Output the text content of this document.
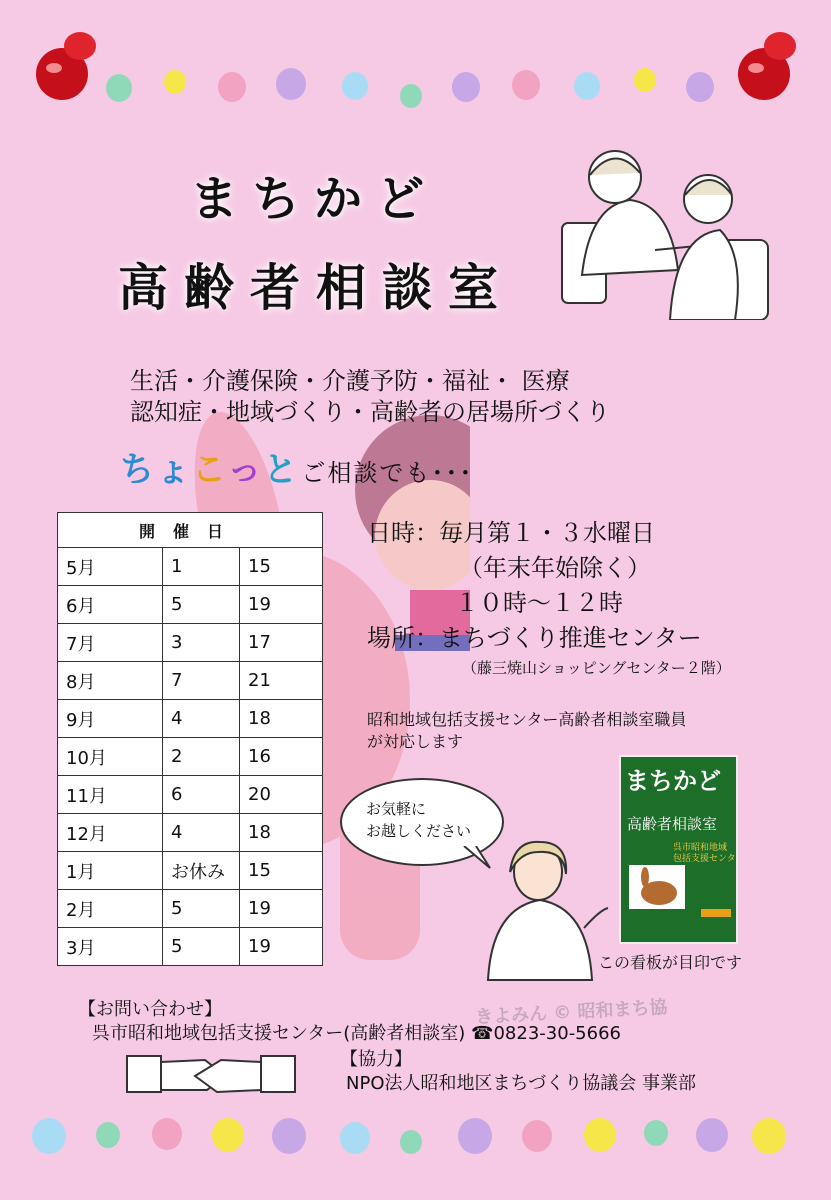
まちかど
高齢者相談室
生活・介護保険・介護予防・福祉・ 医療
認知症・地域づくり・高齢者の居場所づくり
ちょこっとご相談でも･･･
開催日		
5月	1	15
6月	5	19
7月	3	17
8月	7	21
9月	4	18
10月	2	16
11月	6	20
12月	4	18
1月	お休み	15
2月	5	19
3月	5	19
日時：毎月第１・３水曜日
（年末年始除く）
１０時～１２時
場所：まちづくり推進センター
（藤三焼山ショッピングセンター２階）
昭和地域包括支援センター高齢者相談室職員
が対応します
お気軽に
お越しください
まちかど
高齢者相談室
呉市昭和地域
包括支援センタ
この看板が目印です
きよみん © 昭和まち協
【お問い合わせ】
呉市昭和地域包括支援センター(高齢者相談室) ☎0823-30-5666
【協力】
NPO法人昭和地区まちづくり協議会 事業部
